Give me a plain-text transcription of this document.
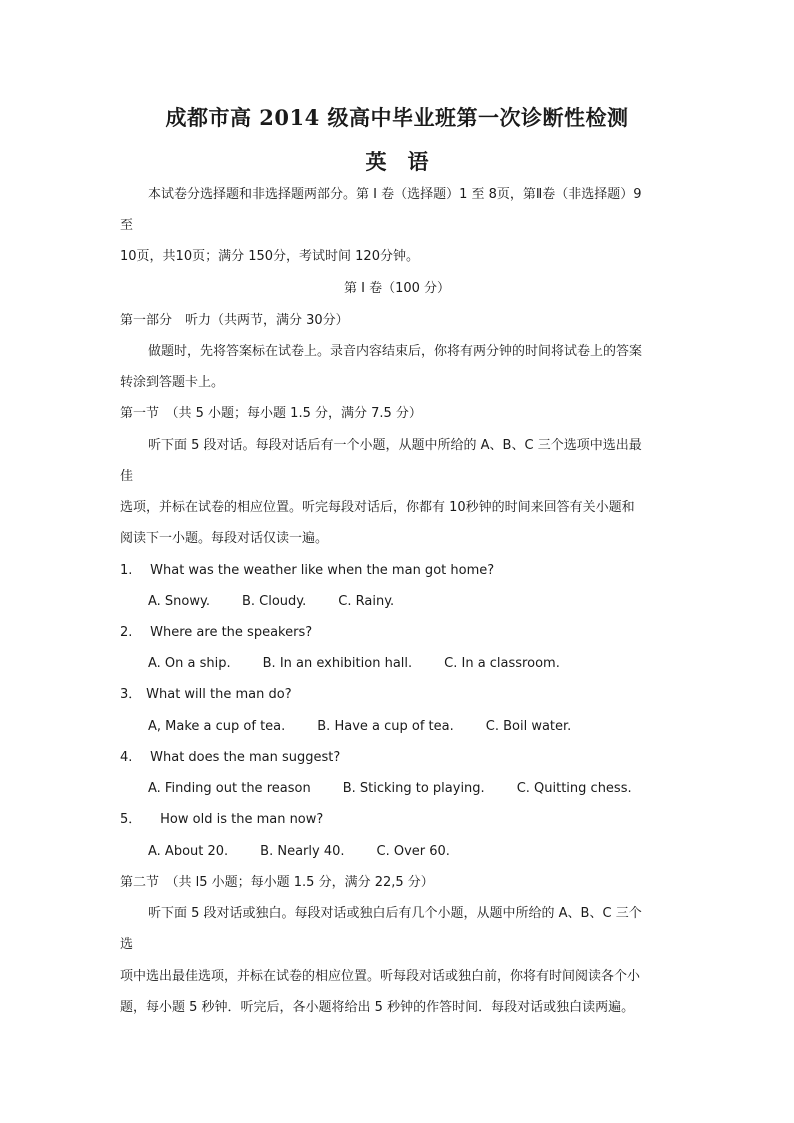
成都市高 2014 级高中毕业班第一次诊断性检测
英　语
本试卷分选择题和非选择题两部分。第 I 卷（选择题）1 至 8页，第Ⅱ卷（非选择题）9
至
10页，共10页；满分 150分，考试时间 120分钟。
第 I 卷（100 分）
第一部分　听力（共两节，满分 30分）
做题时，先将答案标在试卷上。录音内容结束后，你将有两分钟的时间将试卷上的答案
转涂到答题卡上。
第一节　（共 5 小题；每小题 1.5 分，满分 7.5 分）
听下面 5 段对话。每段对话后有一个小题，从题中所给的 A、B、C 三个选项中选出最
佳
选项，并标在试卷的相应位置。听完每段对话后，你都有 10秒钟的时间来回答有关小题和
阅读下一小题。每段对话仅读一遍。
1. What was the weather like when the man got home?
A. Snowy. B. Cloudy. C. Rainy.
2. Where are the speakers?
A. On a ship. B. In an exhibition hall. C. In a classroom.
3． What will the man do?
A, Make a cup of tea. B. Have a cup of tea. C. Boil water.
4. What does the man suggest?
A. Finding out the reason B. Sticking to playing. C. Quitting chess.
5． How old is the man now?
A. About 20. B. Nearly 40. C. Over 60.
第二节　（共 l5 小题；每小题 1.5 分，满分 22,5 分）
听下面 5 段对话或独白。每段对话或独白后有几个小题，从题中所给的 A、B、C 三个
选
项中选出最佳选项，并标在试卷的相应位置。听每段对话或独白前，你将有时间阅读各个小
题，每小题 5 秒钟．听完后，各小题将给出 5 秒钟的作答时间．每段对话或独白读两遍。
